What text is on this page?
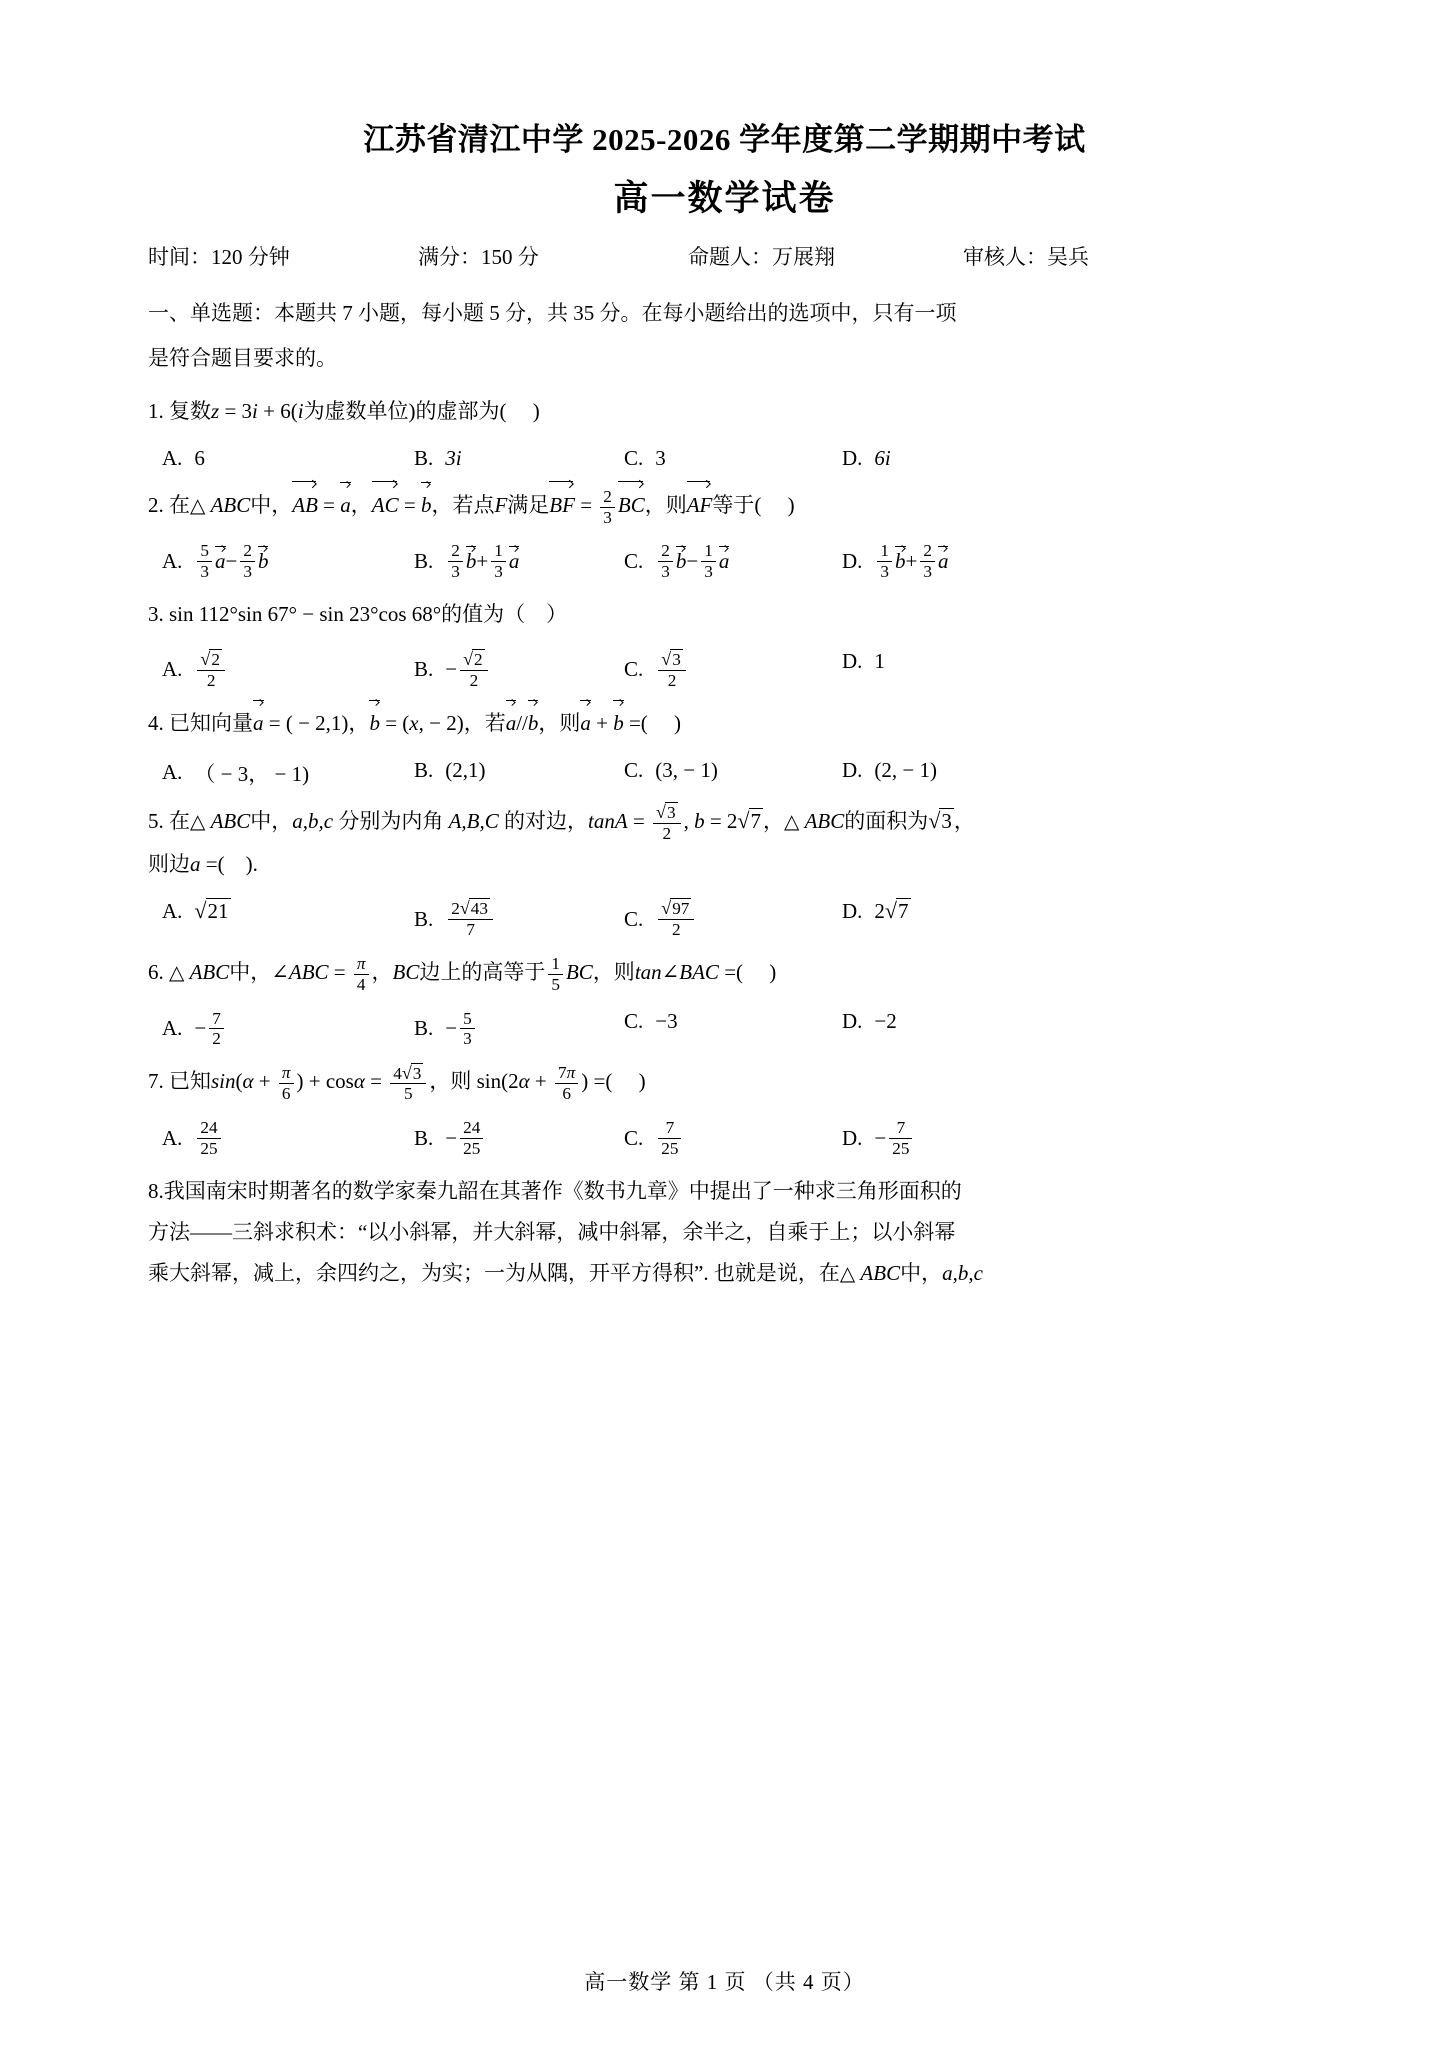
江苏省清江中学 2025-2026 学年度第二学期期中考试
高一数学试卷
时间：120 分钟	满分：150 分	命题人：万展翔	审核人：吴兵
一、单选题：本题共 7 小题，每小题 5 分，共 35 分。在每小题给出的选项中，只有一项
是符合题目要求的。
1. 复数z = 3i + 6(i为虚数单位)的虚部为(     )
A. 6	B. 3i	C. 3	D. 6i
2. 在△ ABC中，AB = a，AC = b，若点F满足BF = $\frac{2}{3}$ BC，则AF等于(     )
A. $\frac{5}{3}$ $a - \frac{2}{3}$ b	B. $\frac{2}{3}$ $b + \frac{1}{3}$ a	C. $\frac{2}{3}$ $b - \frac{1}{3}$ a	D. $\frac{1}{3}$ $b + \frac{2}{3}$ a
3. sin 112°sin 67° − sin 23°cos 68°的值为（    ）
A. $\frac{√2}{2}$	B. − $\frac{√2}{2}$	C. $\frac{√3}{2}$	D. 1
4. 已知向量a = ( − 2,1)，b = (x, − 2)，若a//b，则a + b =(     )
A. （ − 3， − 1)	B. (2,1)	C. (3, − 1)	D. (2, − 1)
5. 在△ ABC中，a,b,c 分别为内角 A,B,C 的对边，$\tan A = \frac{√3}{2}$ , b = 2√7，△ ABC的面积为√3，
则边a =(    ).
A. √21	B. $\frac{2√43}{7}$	C. $\frac{√97}{2}$	D. 2 √7
6. △ ABC中，∠ABC = $\frac{\pi}{4}$ ，BC边上的高等于 $\frac{1}{5}$ BC，则tan∠BAC =(     )
A. − $\frac{7}{2}$	B. − $\frac{5}{3}$	C. −3	D. −2
7. 已知$\sin(\alpha + \frac{\pi}{6}$ ) + $\cos\alpha = \frac{4√3}{5}$ ，则 $\sin(2\alpha + \frac{7\pi}{6}$ ) =(     )
A. $\frac{24}{25}$	B. − $\frac{24}{25}$	C. $\frac{7}{25}$	D. − $\frac{7}{25}$
8.我国南宋时期著名的数学家秦九韶在其著作《数书九章》中提出了一种求三角形面积的
方法——三斜求积术：“以小斜幂，并大斜幂，减中斜幂，余半之，自乘于上；以小斜幂
乘大斜幂，减上，余四约之，为实；一为从隅，开平方得积”. 也就是说，在△ ABC中，a,b,c
高一数学 第 1 页 （共 4 页）
